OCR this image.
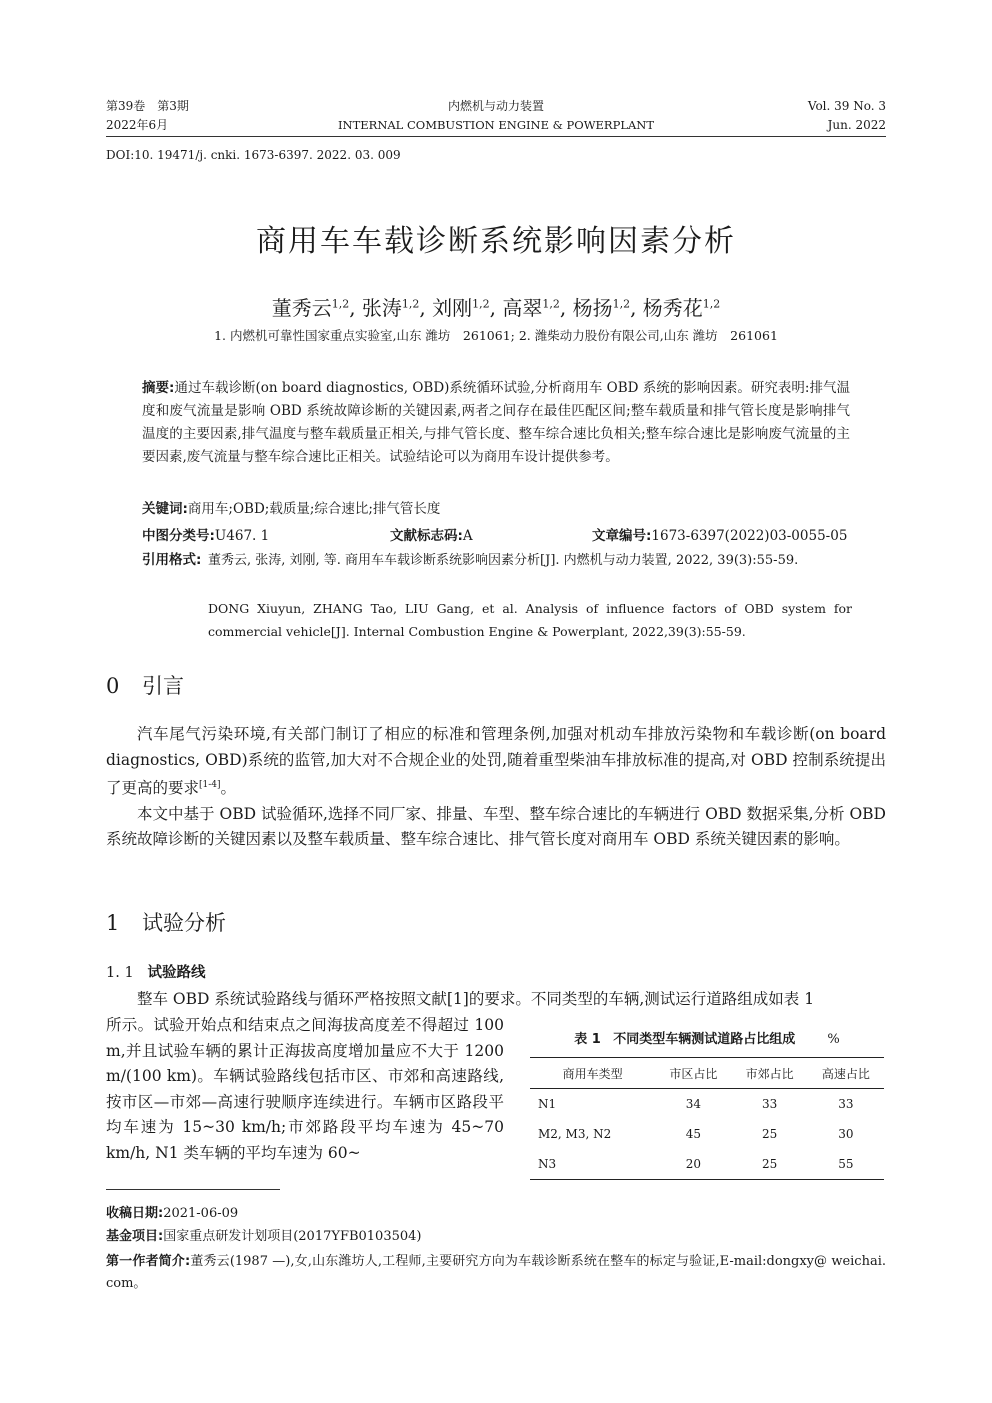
第39卷　第3期
2022年6月
内燃机与动力装置
INTERNAL COMBUSTION ENGINE & POWERPLANT
Vol. 39 No. 3
Jun. 2022
DOI:10. 19471/j. cnki. 1673-6397. 2022. 03. 009
商用车车载诊断系统影响因素分析
董秀云$^{1,2}$, 张涛$^{1,2}$, 刘刚$^{1,2}$, 高翠$^{1,2}$, 杨扬$^{1,2}$, 杨秀花$^{1,2}$
1. 内燃机可靠性国家重点实验室,山东 潍坊　261061; 2. 潍柴动力股份有限公司,山东 潍坊　261061
摘要:通过车载诊断(on board diagnostics, OBD)系统循环试验,分析商用车 OBD 系统的影响因素。研究表明:排气温度和废气流量是影响 OBD 系统故障诊断的关键因素,两者之间存在最佳匹配区间;整车载质量和排气管长度是影响排气温度的主要因素,排气温度与整车载质量正相关,与排气管长度、整车综合速比负相关;整车综合速比是影响废气流量的主要因素,废气流量与整车综合速比正相关。试验结论可以为商用车设计提供参考。
关键词:商用车;OBD;载质量;综合速比;排气管长度
中图分类号:U467. 1	文献标志码:A	文章编号:1673-6397(2022)03-0055-05
引用格式: 董秀云, 张涛, 刘刚, 等. 商用车车载诊断系统影响因素分析[J]. 内燃机与动力装置, 2022, 39(3):55-59.
DONG Xiuyun, ZHANG Tao, LIU Gang, et al. Analysis of influence factors of OBD system for commercial vehicle[J]. Internal Combustion Engine & Powerplant, 2022,39(3):55-59.
0 引言
汽车尾气污染环境,有关部门制订了相应的标准和管理条例,加强对机动车排放污染物和车载诊断(on board diagnostics, OBD)系统的监管,加大对不合规企业的处罚,随着重型柴油车排放标准的提高,对 OBD 控制系统提出了更高的要求[1-4]。
本文中基于 OBD 试验循环,选择不同厂家、排量、车型、整车综合速比的车辆进行 OBD 数据采集,分析 OBD 系统故障诊断的关键因素以及整车载质量、整车综合速比、排气管长度对商用车 OBD 系统关键因素的影响。
1 试验分析
1. 1 试验路线
整车 OBD 系统试验路线与循环严格按照文献[1]的要求。不同类型的车辆,测试运行道路组成如表 1
所示。试验开始点和结束点之间海拔高度差不得超过 100 m,并且试验车辆的累计正海拔高度增加量应不大于 1200　m/(100 km)。车辆试验路线包括市区、市郊和高速路线,按市区—市郊—高速行驶顺序连续进行。车辆市区路段平均车速为 15~30 km/h;市郊路段平均车速为 45~70　km/h, N1 类车辆的平均车速为 60~
表 1 不同类型车辆测试道路占比组成 %
商用车类型	市区占比	市郊占比	高速占比
N1	34	33	33
M2, M3, N2	45	25	30
N3	20	25	55
收稿日期:2021-06-09
基金项目:国家重点研发计划项目(2017YFB0103504)
第一作者简介:董秀云(1987 —),女,山东潍坊人,工程师,主要研究方向为车载诊断系统在整车的标定与验证,E-mail:dongxy@ weichai. com。
